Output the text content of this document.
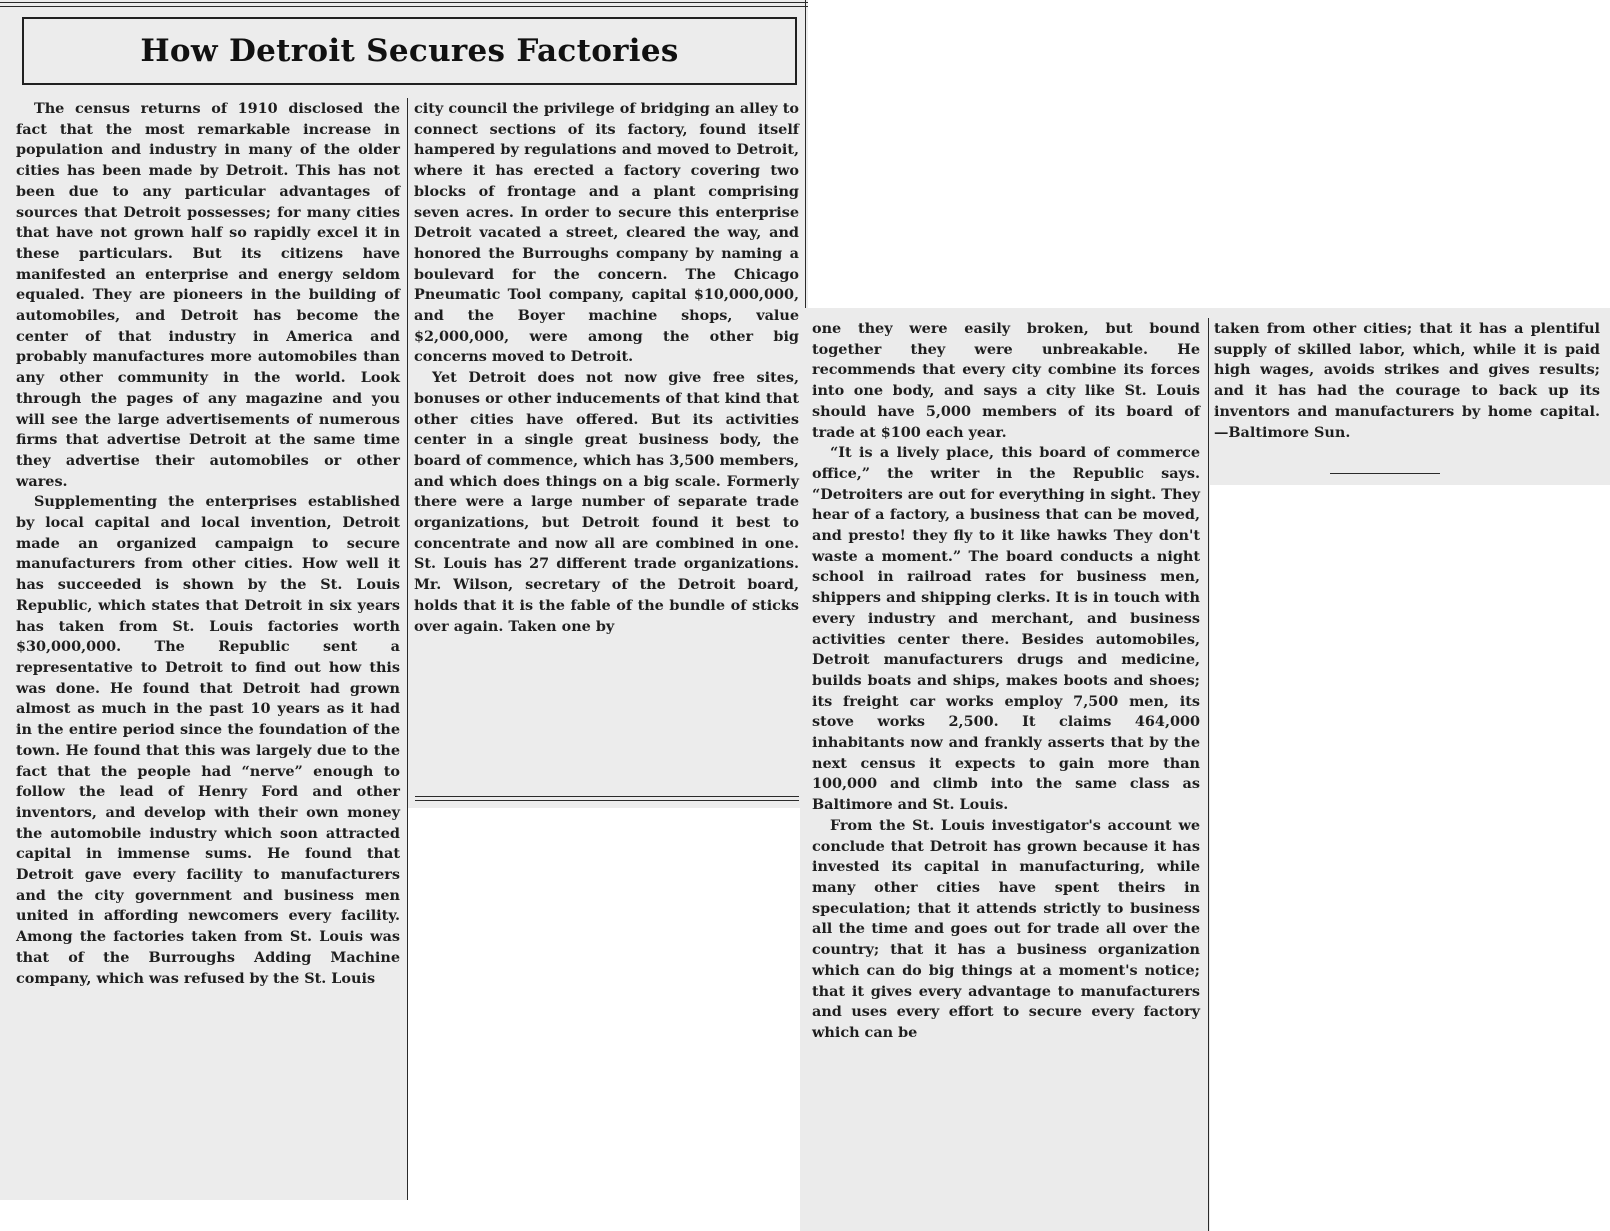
How Detroit Secures Factories

The census returns of 1910 disclosed the fact that the most remarkable increase in population and industry in many of the older cities has been made by Detroit. This has not been due to any particular advantages of sources that Detroit possesses; for many cities that have not grown half so rapidly excel it in these particulars. But its citizens have manifested an enterprise and energy seldom equaled. They are pioneers in the building of automobiles, and Detroit has become the center of that industry in America and probably manufactures more automobiles than any other community in the world. Look through the pages of any magazine and you will see the large advertisements of numerous firms that advertise Detroit at the same time they advertise their automobiles or other wares.

Supplementing the enterprises established by local capital and local invention, Detroit made an organized campaign to secure manufacturers from other cities. How well it has succeeded is shown by the St. Louis Republic, which states that Detroit in six years has taken from St. Louis factories worth $30,000,000. The Republic sent a representative to Detroit to find out how this was done. He found that Detroit had grown almost as much in the past 10 years as it had in the entire period since the foundation of the town. He found that this was largely due to the fact that the people had “nerve” enough to follow the lead of Henry Ford and other inventors, and develop with their own money the automobile industry which soon attracted capital in immense sums. He found that Detroit gave every facility to manufacturers and the city government and business men united in affording newcomers every facility. Among the factories taken from St. Louis was that of the Burroughs Adding Machine company, which was refused by the St. Louis

city council the privilege of bridging an alley to connect sections of its factory, found itself hampered by regulations and moved to Detroit, where it has erected a factory covering two blocks of frontage and a plant comprising seven acres. In order to secure this enterprise Detroit vacated a street, cleared the way, and honored the Burroughs company by naming a boulevard for the concern. The Chicago Pneumatic Tool company, capital $10,000,000, and the Boyer machine shops, value $2,000,000, were among the other big concerns moved to Detroit.

Yet Detroit does not now give free sites, bonuses or other inducements of that kind that other cities have offered. But its activities center in a single great business body, the board of commence, which has 3,500 members, and which does things on a big scale. Formerly there were a large number of separate trade organizations, but Detroit found it best to concentrate and now all are combined in one. St. Louis has 27 different trade organizations. Mr. Wilson, secretary of the Detroit board, holds that it is the fable of the bundle of sticks over again. Taken one by

one they were easily broken, but bound together they were unbreakable. He recommends that every city combine its forces into one body, and says a city like St. Louis should have 5,000 members of its board of trade at $100 each year.

“It is a lively place, this board of commerce office,” the writer in the Republic says. “Detroiters are out for everything in sight. They hear of a factory, a business that can be moved, and presto! they fly to it like hawks They don't waste a moment.” The board conducts a night school in railroad rates for business men, shippers and shipping clerks. It is in touch with every industry and merchant, and business activities center there. Besides automobiles, Detroit manufacturers drugs and medicine, builds boats and ships, makes boots and shoes; its freight car works employ 7,500 men, its stove works 2,500. It claims 464,000 inhabitants now and frankly asserts that by the next census it expects to gain more than 100,000 and climb into the same class as Baltimore and St. Louis.

From the St. Louis investigator's account we conclude that Detroit has grown because it has invested its capital in manufacturing, while many other cities have spent theirs in speculation; that it attends strictly to business all the time and goes out for trade all over the country; that it has a business organization which can do big things at a moment's notice; that it gives every advantage to manufacturers and uses every effort to secure every factory which can be

taken from other cities; that it has a plentiful supply of skilled labor, which, while it is paid high wages, avoids strikes and gives results; and it has had the courage to back up its inventors and manufacturers by home capital.—Baltimore Sun.
